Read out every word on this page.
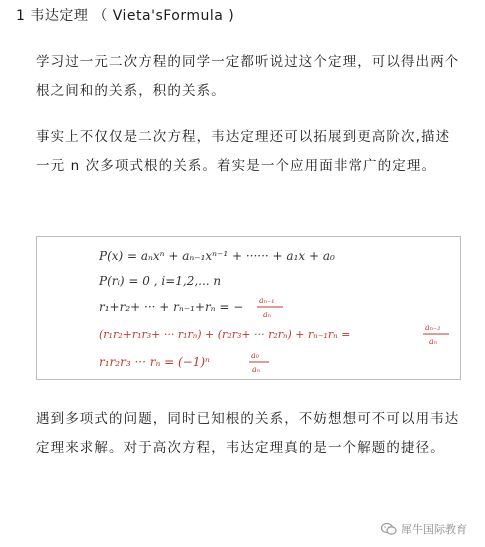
1 韦达定理 （ Vieta'sFormula )

学习过一元二次方程的同学一定都听说过这个定理，可以得出两个根之间和的关系，积的关系。

事实上不仅仅是二次方程，韦达定理还可以拓展到更高阶次,描述一元 n 次多项式根的关系。着实是一个应用面非常广的定理。

P(x) = aₙxⁿ + aₙ₋₁xⁿ⁻¹ + ······ + a₁x + a₀
P(rᵢ) = 0 , i=1,2,... n
r₁+r₂+ ··· + rₙ₋₁+rₙ = − aₙ₋₁
aₙ
(r₁r₂+r₁r₃+ ··· r₁rₙ) + (r₂r₃+ ··· r₂rₙ) + rₙ₋₁rₙ =
aₙ₋₂
aₙ
r₁r₂r₃ ··· rₙ = (−1)ⁿ	a₀
aₙ

遇到多项式的问题，同时已知根的关系，不妨想想可不可以用韦达定理来求解。对于高次方程，韦达定理真的是一个解题的捷径。

犀牛国际教育
